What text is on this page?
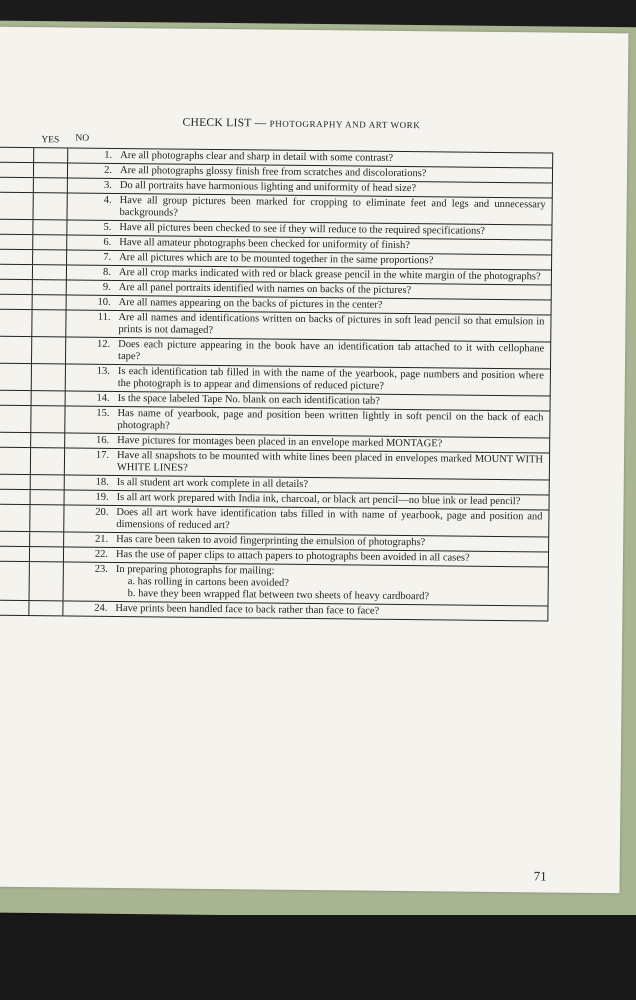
CHECK LIST — PHOTOGRAPHY AND ART WORK
YES NO
1. Are all photographs clear and sharp in detail with some contrast?
2. Are all photographs glossy finish free from scratches and discolorations?
3. Do all portraits have harmonious lighting and uniformity of head size?
4. Have all group pictures been marked for cropping to eliminate feet and legs and unnecessary backgrounds?
5. Have all pictures been checked to see if they will reduce to the required specifications?
6. Have all amateur photographs been checked for uniformity of finish?
7. Are all pictures which are to be mounted together in the same proportions?
8. Are all crop marks indicated with red or black grease pencil in the white margin of the photographs?
9. Are all panel portraits identified with names on backs of the pictures?
10. Are all names appearing on the backs of pictures in the center?
11. Are all names and identifications written on backs of pictures in soft lead pencil so that emulsion in prints is not damaged?
12. Does each picture appearing in the book have an identification tab attached to it with cellophane tape?
13. Is each identification tab filled in with the name of the yearbook, page numbers and position where the photograph is to appear and dimensions of reduced picture?
14. Is the space labeled Tape No. blank on each identification tab?
15. Has name of yearbook, page and position been written lightly in soft pencil on the back of each photograph?
16. Have pictures for montages been placed in an envelope marked MONTAGE?
17. Have all snapshots to be mounted with white lines been placed in envelopes marked MOUNT WITH WHITE LINES?
18. Is all student art work complete in all details?
19. Is all art work prepared with India ink, charcoal, or black art pencil—no blue ink or lead pencil?
20. Does all art work have identification tabs filled in with name of yearbook, page and position and dimensions of reduced art?
21. Has care been taken to avoid fingerprinting the emulsion of photographs?
22. Has the use of paper clips to attach papers to photographs been avoided in all cases?
23. In preparing photographs for mailing:
a. has rolling in cartons been avoided?
b. have they been wrapped flat between two sheets of heavy cardboard?
24. Have prints been handled face to back rather than face to face?
71
